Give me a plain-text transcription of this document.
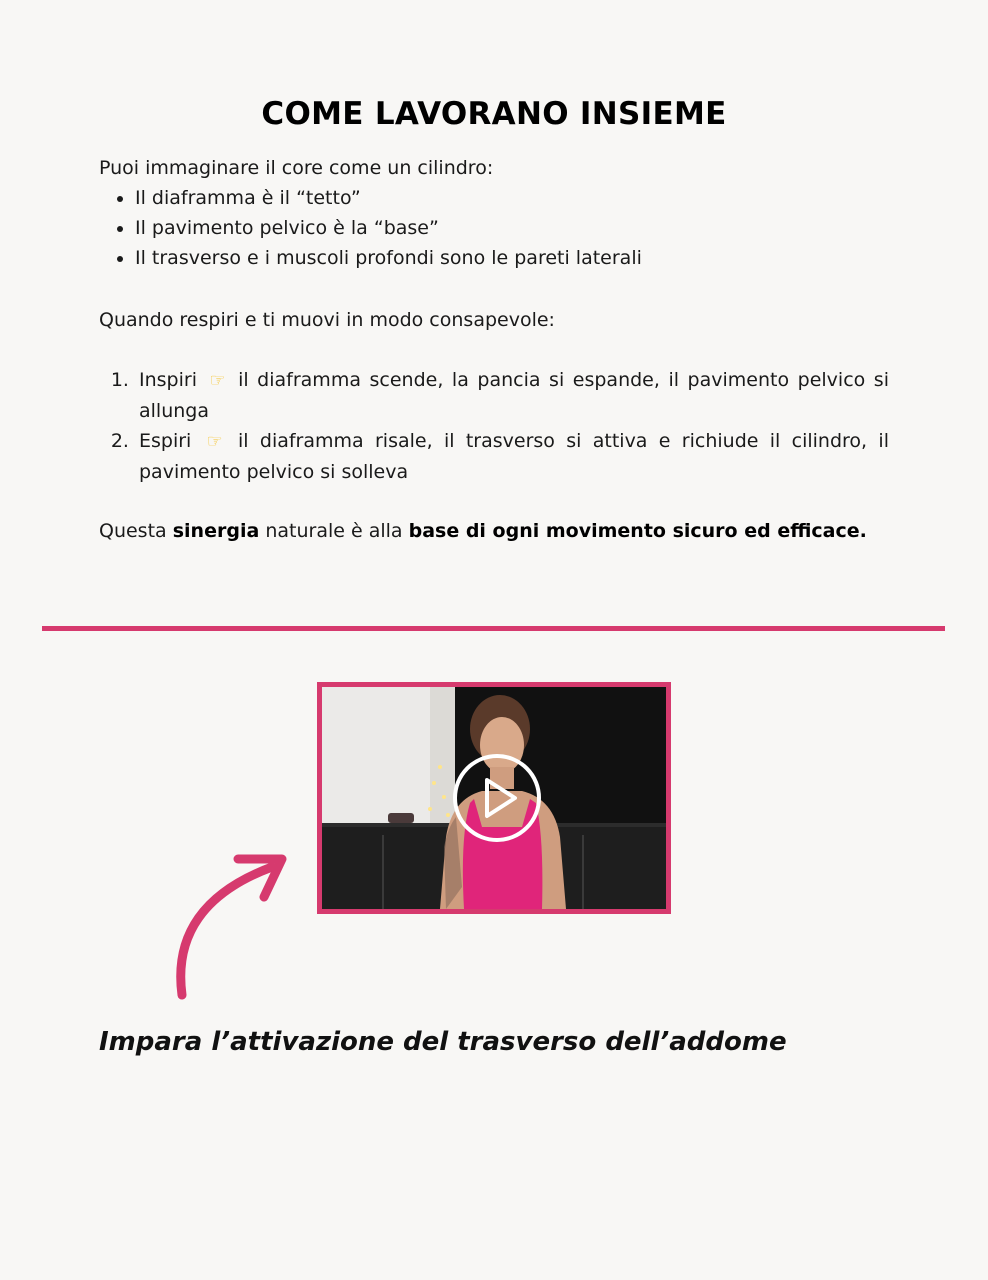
COME LAVORANO INSIEME

Puoi immaginare il core come un cilindro:

• Il diaframma è il “tetto”
• Il pavimento pelvico è la “base”
• Il trasverso e i muscoli profondi sono le pareti laterali

Quando respiri e ti muovi in modo consapevole:

1. Inspiri ☞ il diaframma scende, la pancia si espande, il pavimento pelvico si allunga
2. Espiri ☞ il diaframma risale, il trasverso si attiva e richiude il cilindro, il pavimento pelvico si solleva

Questa sinergia naturale è alla base di ogni movimento sicuro ed efficace.

Impara l’attivazione del trasverso dell’addome
